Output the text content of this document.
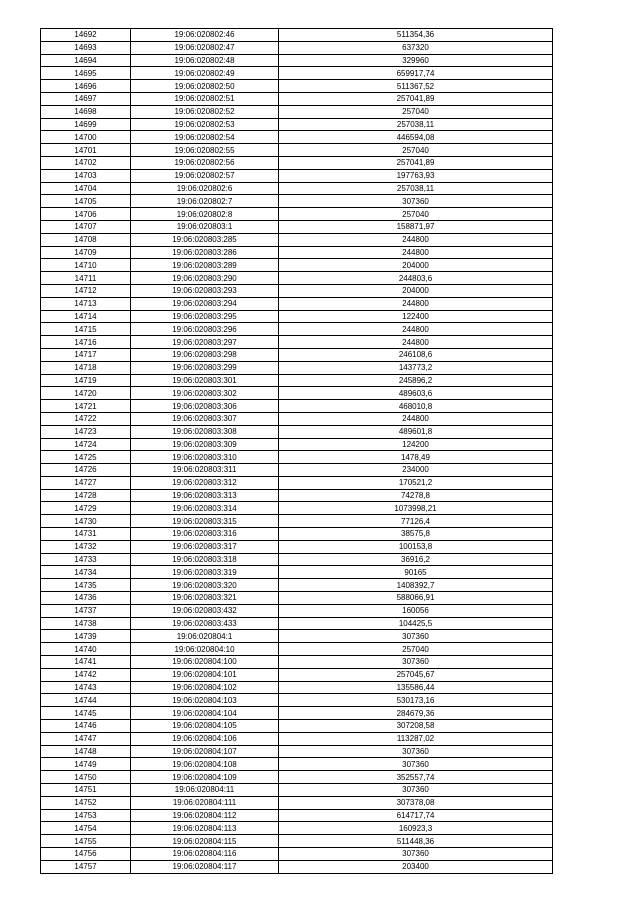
14692	19:06:020802:46	511354,36
14693	19:06:020802:47	637320
14694	19:06:020802:48	329960
14695	19:06:020802:49	659917,74
14696	19:06:020802:50	511367,52
14697	19:06:020802:51	257041,89
14698	19:06:020802:52	257040
14699	19:06:020802:53	257038,11
14700	19:06:020802:54	446594,08
14701	19:06:020802:55	257040
14702	19:06:020802:56	257041,89
14703	19:06:020802:57	197763,93
14704	19:06:020802:6	257038,11
14705	19:06:020802:7	307360
14706	19:06:020802:8	257040
14707	19:06:020803:1	158871,97
14708	19:06:020803:285	244800
14709	19:06:020803:286	244800
14710	19:06:020803:289	204000
14711	19:06:020803:290	244803,6
14712	19:06:020803:293	204000
14713	19:06:020803:294	244800
14714	19:06:020803:295	122400
14715	19:06:020803:296	244800
14716	19:06:020803:297	244800
14717	19:06:020803:298	246108,6
14718	19:06:020803:299	143773,2
14719	19:06:020803:301	245896,2
14720	19:06:020803:302	489603,6
14721	19:06:020803:306	468010,8
14722	19:06:020803:307	244800
14723	19:06:020803:308	489601,8
14724	19:06:020803:309	124200
14725	19:06:020803:310	1478,49
14726	19:06:020803:311	234000
14727	19:06:020803:312	170521,2
14728	19:06:020803:313	74278,8
14729	19:06:020803:314	1073998,21
14730	19:06:020803:315	77126,4
14731	19:06:020803:316	38575,8
14732	19:06:020803:317	100153,8
14733	19:06:020803:318	36916,2
14734	19:06:020803:319	90165
14735	19:06:020803:320	1408392,7
14736	19:06:020803:321	588066,91
14737	19:06:020803:432	160056
14738	19:06:020803:433	104425,5
14739	19:06:020804:1	307360
14740	19:06:020804:10	257040
14741	19:06:020804:100	307360
14742	19:06:020804:101	257045,67
14743	19:06:020804:102	135586,44
14744	19:06:020804:103	530173,16
14745	19:06:020804:104	284679,36
14746	19:06:020804:105	307208,58
14747	19:06:020804:106	113287,02
14748	19:06:020804:107	307360
14749	19:06:020804:108	307360
14750	19:06:020804:109	352557,74
14751	19:06:020804:11	307360
14752	19:06:020804:111	307378,08
14753	19:06:020804:112	614717,74
14754	19:06:020804:113	160923,3
14755	19:06:020804:115	511448,36
14756	19:06:020804:116	307360
14757	19:06:020804:117	203400
